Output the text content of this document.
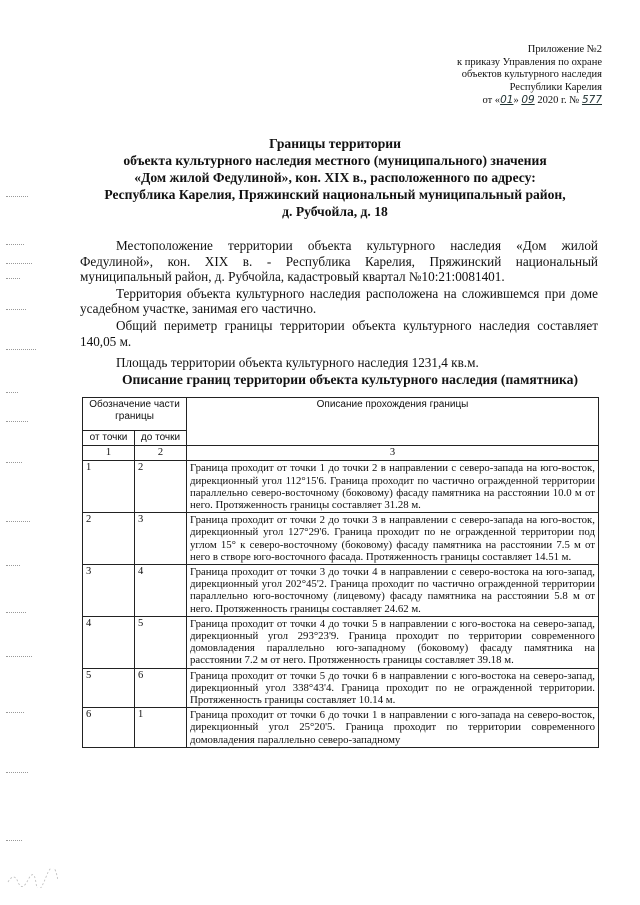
Приложение №2
к приказу Управления по охране
объектов культурного наследия
Республики Карелия
от «01» 09 2020 г. № 577
Границы территории
объекта культурного наследия местного (муниципального) значения
«Дом жилой Федулиной», кон. XIX в., расположенного по адресу:
Республика Карелия, Пряжинский национальный муниципальный район,
д. Рубчойла, д. 18

Местоположение территории объекта культурного наследия «Дом жилой Федулиной», кон. XIX в. - Республика Карелия, Пряжинский национальный муниципальный район, д. Рубчойла, кадастровый квартал №10:21:0081401.

Территория объекта культурного наследия расположена на сложившемся при доме усадебном участке, занимая его частично.

Общий периметр границы территории объекта культурного наследия составляет 140,05 м.

Площадь территории объекта культурного наследия 1231,4 кв.м.

Описание границ территории объекта культурного наследия (памятника)
Обозначение части границы		Описание прохождения границы
от точки	до точки	
1	2	3
1	2	Граница проходит от точки 1 до точки 2 в направлении с северо-запада на юго-восток, дирекционный угол 112°15'6. Граница проходит по частично огражденной территории параллельно северо-восточному (боковому) фасаду памятника на расстоянии 10.0 м от него. Протяженность границы составляет 31.28 м.
2	3	Граница проходит от точки 2 до точки 3 в направлении с северо-запада на юго-восток, дирекционный угол 127°29'6. Граница проходит по не огражденной территории под углом 15° к северо-восточному (боковому) фасаду памятника на расстоянии 7.5 м от него в створе юго-восточного фасада. Протяженность границы составляет 14.51 м.
3	4	Граница проходит от точки 3 до точки 4 в направлении с северо-востока на юго-запад, дирекционный угол 202°45'2. Граница проходит по частично огражденной территории параллельно юго-восточному (лицевому) фасаду памятника на расстоянии 5.8 м от него. Протяженность границы составляет 24.62 м.
4	5	Граница проходит от точки 4 до точки 5 в направлении с юго-востока на северо-запад, дирекционный угол 293°23'9. Граница проходит по территории современного домовладения параллельно юго-западному (боковому) фасаду памятника на расстоянии 7.2 м от него. Протяженность границы составляет 39.18 м.
5	6	Граница проходит от точки 5 до точки 6 в направлении с юго-востока на северо-запад, дирекционный угол 338°43'4. Граница проходит по не огражденной территории. Протяженность границы составляет 10.14 м.
6	1	Граница проходит от точки 6 до точки 1 в направлении с юго-запада на северо-восток, дирекционный угол 25°20'5. Граница проходит по территории современного домовладения параллельно северо-западному
